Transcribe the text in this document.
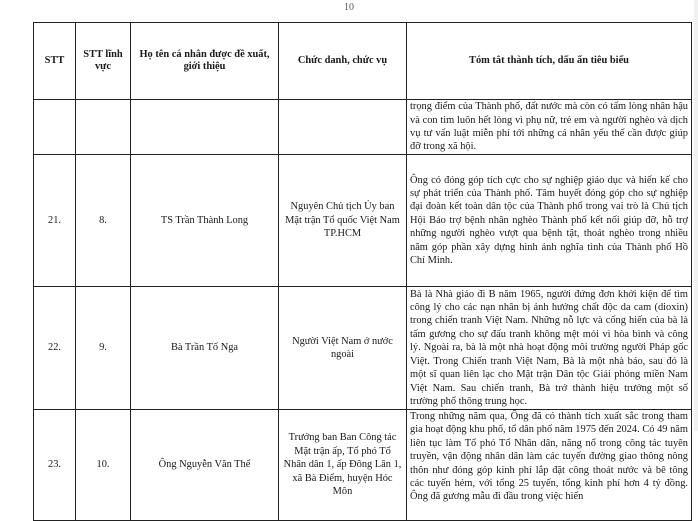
10
STT	STT lĩnh vực	Họ tên cá nhân được đề xuất, giới thiệu	Chức danh, chức vụ	Tóm tắt thành tích, dấu ấn tiêu biểu
				trọng điểm của Thành phố, đất nước mà còn có tấm lòng nhân hậu và con tim luôn hết lòng vì phụ nữ, trẻ em và người nghèo và dịch vụ tư vấn luật miễn phí tới những cá nhân yếu thế cần được giúp đỡ trong xã hội.
21.	8.	TS Trần Thành Long	Nguyên Chủ tịch Ủy ban Mặt trận Tổ quốc Việt Nam TP.HCM	Ông có đóng góp tích cực cho sự nghiệp giáo dục và hiến kế cho sự phát triển của Thành phố. Tâm huyết đóng góp cho sự nghiệp đại đoàn kết toàn dân tộc của Thành phố trong vai trò là Chủ tịch Hội Bảo trợ bệnh nhân nghèo Thành phố kết nối giúp đỡ, hỗ trợ những người nghèo vượt qua bệnh tật, thoát nghèo trong nhiều năm góp phần xây dựng hình ảnh nghĩa tình của Thành phố Hồ Chí Minh.
22.	9.	Bà Trần Tố Nga	Người Việt Nam ở nước ngoài	Bà là Nhà giáo đi B năm 1965, người đứng đơn khởi kiện để tìm công lý cho các nạn nhân bị ảnh hưởng chất độc da cam (dioxin) trong chiến tranh Việt Nam. Những nỗ lực và cống hiến của bà là tấm gương cho sự đấu tranh không mệt mỏi vì hòa bình và công lý. Ngoài ra, bà là một nhà hoạt động môi trường người Pháp gốc Việt. Trong Chiến tranh Việt Nam, Bà là một nhà báo, sau đó là một sĩ quan liên lạc cho Mặt trận Dân tộc Giải phóng miền Nam Việt Nam. Sau chiến tranh, Bà trở thành hiệu trưởng một số trường phổ thông trung học.
23.	10.	Ông Nguyễn Văn Thể	Trưởng ban Ban Công tác Mặt trận ấp, Tổ phó Tổ Nhân dân 1, ấp Đông Lân 1, xã Bà Điểm, huyện Hóc Môn	Trong những năm qua, Ông đã có thành tích xuất sắc trong tham gia hoạt động khu phố, tổ dân phố năm 1975 đến 2024. Có 49 năm liên tục làm Tổ phó Tổ Nhân dân, năng nổ trong công tác tuyên truyền, vận động nhân dân làm các tuyến đường giao thông nông thôn như đóng góp kinh phí lắp đặt công thoát nước và bê tông các tuyến hẻm, với tổng 25 tuyến, tổng kinh phí hơn 4 tỷ đồng. Ông đã gương mẫu đi đầu trong việc hiến
